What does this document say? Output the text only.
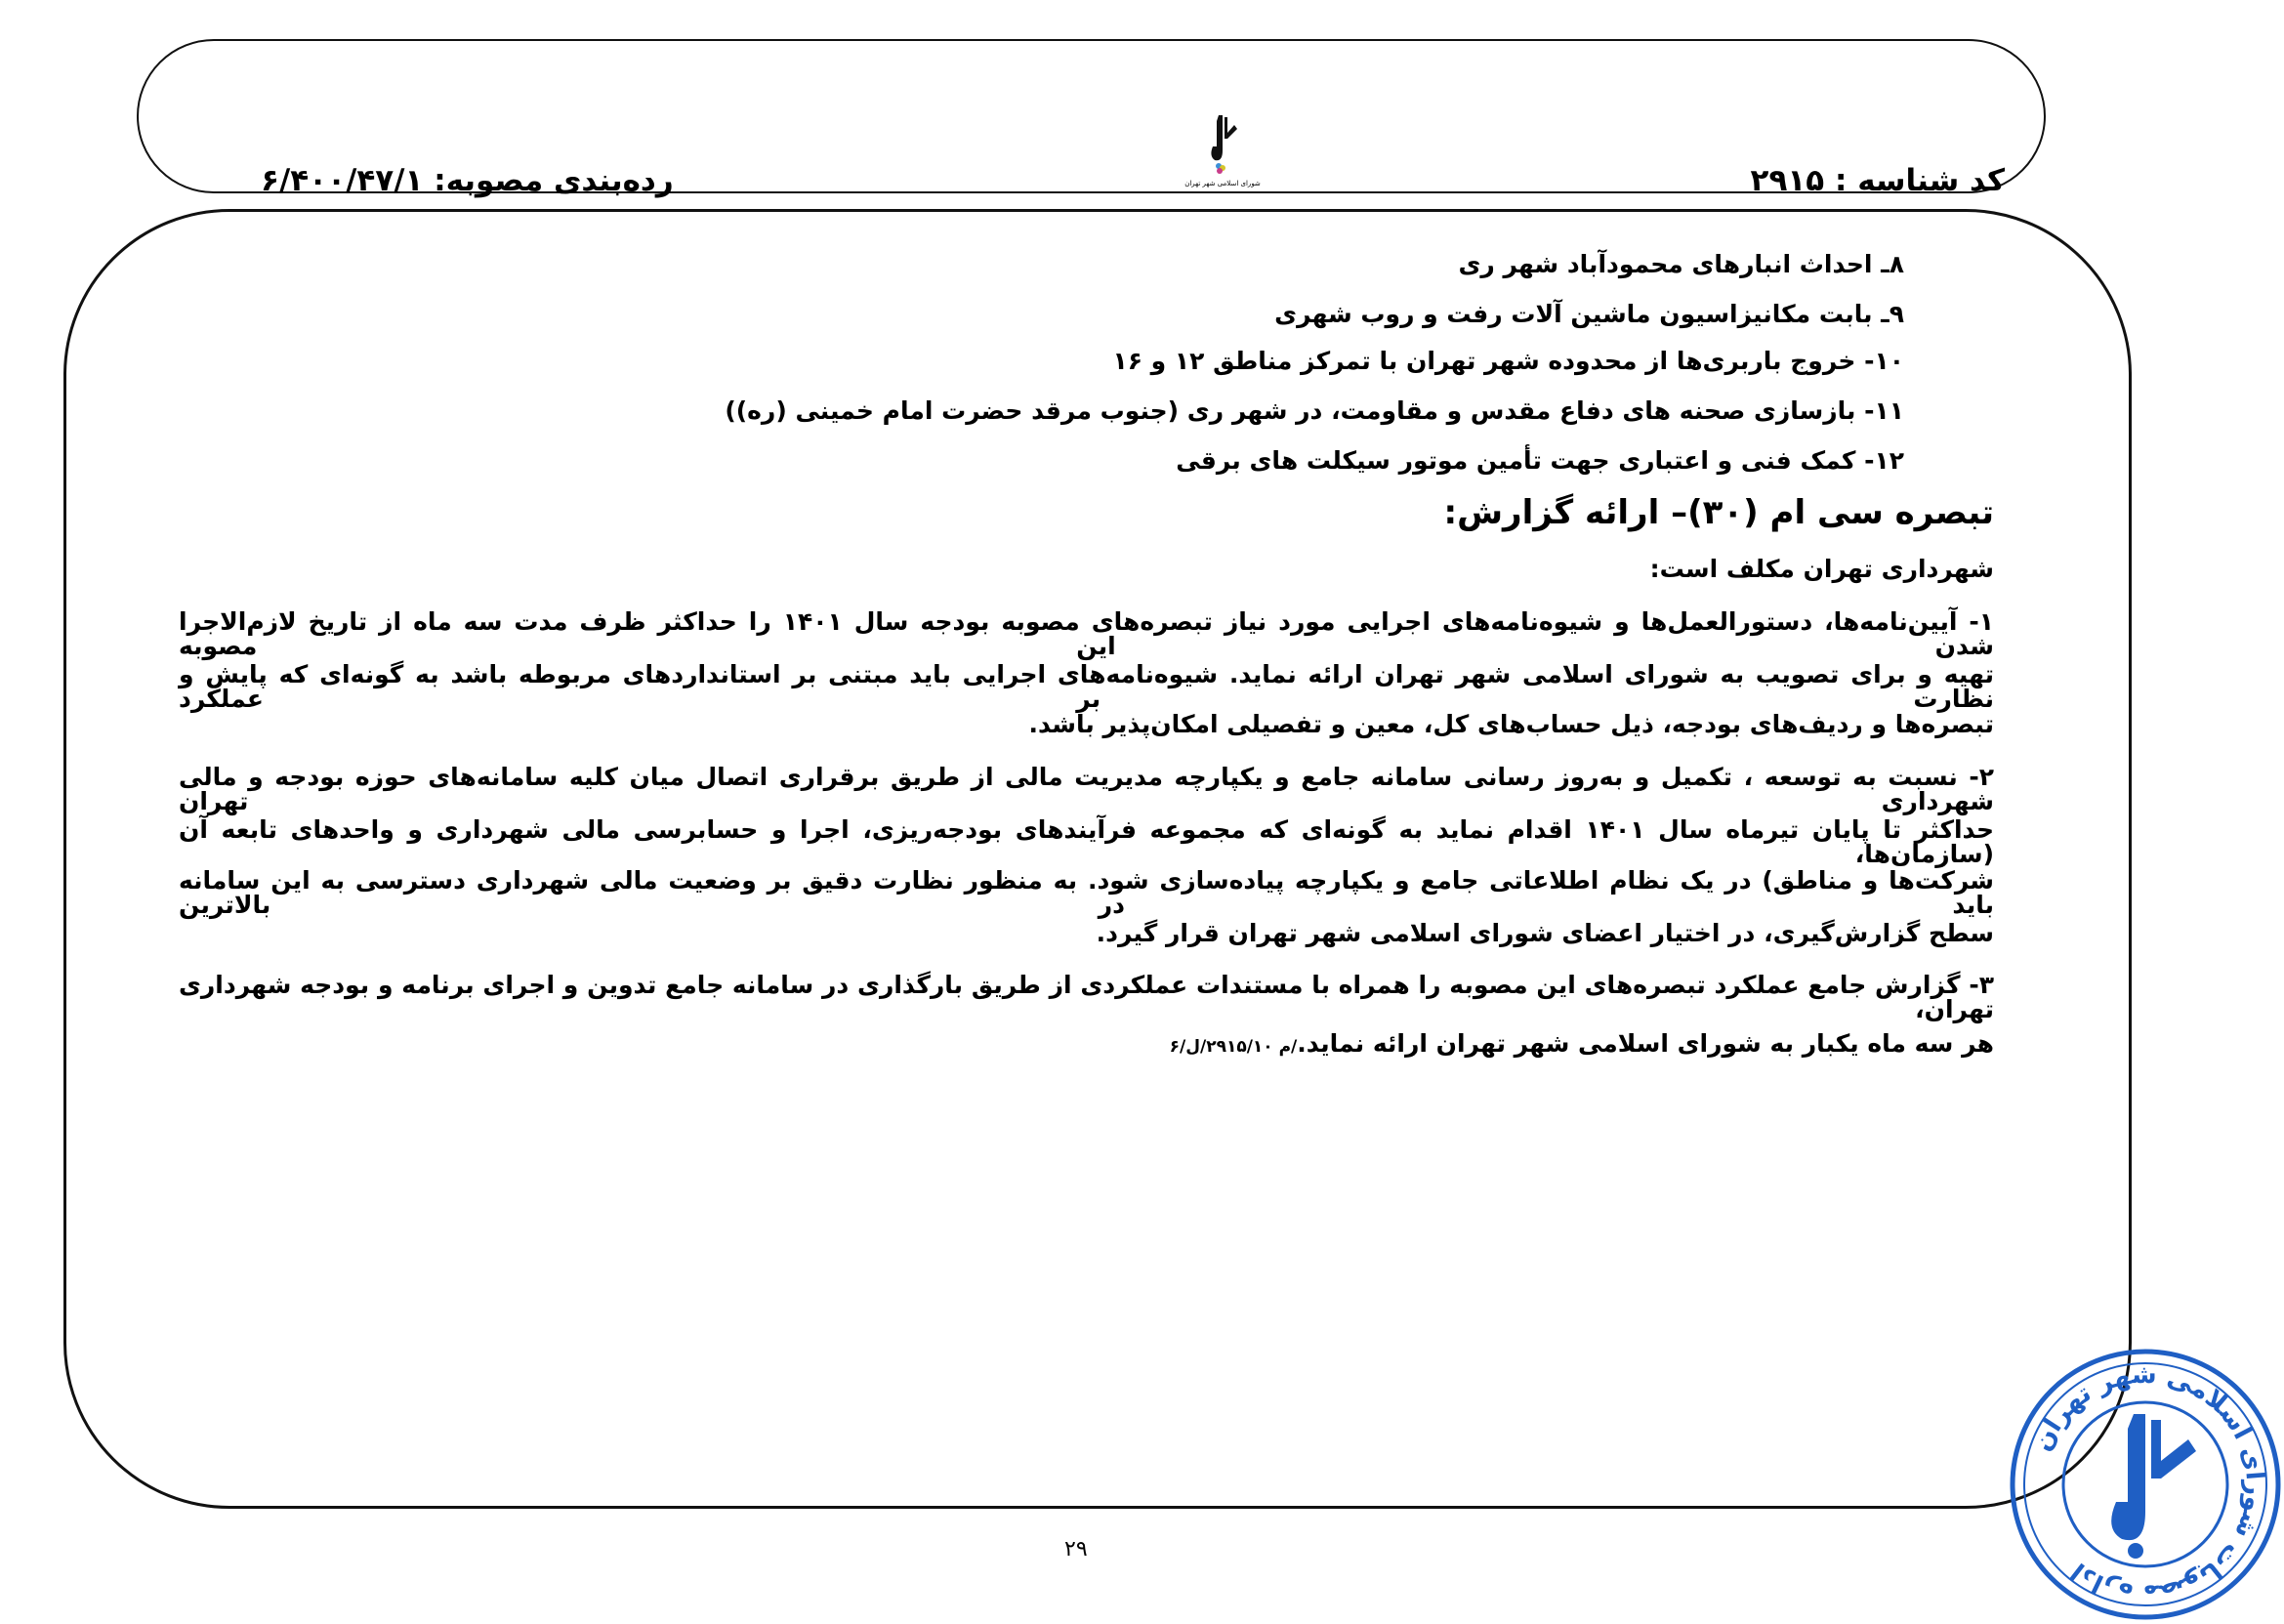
کد شناسه : ۲۹۱۵
رده‌بندی مصوبه: ۶/۴۰۰/۴۷/۱	شورای اسلامی شهر تهران
۸ـ احداث انبارهای محمودآباد شهر ری
۹ـ بابت مکانیزاسیون ماشین آلات رفت و روب شهری
۱۰- خروج باربری‌ها از محدوده شهر تهران با تمرکز مناطق ۱۲ و ۱۶
۱۱- بازسازی صحنه های دفاع مقدس و مقاومت، در شهر ری (جنوب مرقد حضرت امام خمینی (ره))
۱۲- کمک فنی و اعتباری جهت تأمین موتور سیکلت های برقی
تبصره سی ام (۳۰)– ارائه گزارش:
شهرداری تهران مکلف است:
۱- آیین‌نامه‌ها، دستورالعمل‌ها و شیوه‌نامه‌های اجرایی مورد نیاز تبصره‌های مصوبه بودجه سال ۱۴۰۱ را حداکثر ظرف مدت سه ماه از تاریخ لازم‌الاجرا شدن این مصوبه
تهیه و برای تصویب به شورای اسلامی شهر تهران ارائه نماید. شیوه‌نامه‌های اجرایی باید مبتنی بر استانداردهای مربوطه باشد به گونه‌ای که پایش و نظارت بر عملکرد
تبصره‌ها و ردیف‌های بودجه، ذیل حساب‌های کل، معین و تفصیلی امکان‌پذیر باشد.
۲- نسبت به توسعه ، تکمیل و به‌روز رسانی سامانه جامع و یکپارچه مدیریت مالی از طریق برقراری اتصال میان کلیه سامانه‌های حوزه بودجه و مالی شهرداری تهران
حداکثر تا پایان تیرماه سال ۱۴۰۱ اقدام نماید به گونه‌ای که مجموعه فرآیندهای بودجه‌ریزی، اجرا و حسابرسی مالی شهرداری و واحدهای تابعه آن (سازمان‌ها،
شرکت‌ها و مناطق) در یک نظام اطلاعاتی جامع و یکپارچه پیاده‌سازی شود. به منظور نظارت دقیق بر وضعیت مالی شهرداری دسترسی به این سامانه باید در بالاترین
سطح گزارش‌گیری، در اختیار اعضای شورای اسلامی شهر تهران قرار گیرد.
۳- گزارش جامع عملکرد تبصره‌های این مصوبه را همراه با مستندات عملکردی از طریق بارگذاری در سامانه جامع تدوین و اجرای برنامه و بودجه شهرداری تهران،
هر سه ماه یکبار به شورای اسلامی شهر تهران ارائه نماید./م ۲۹۱۵/۱۰/ل/۶
۲۹
اداره مصوبات شورای اسلامی شهر تهران
